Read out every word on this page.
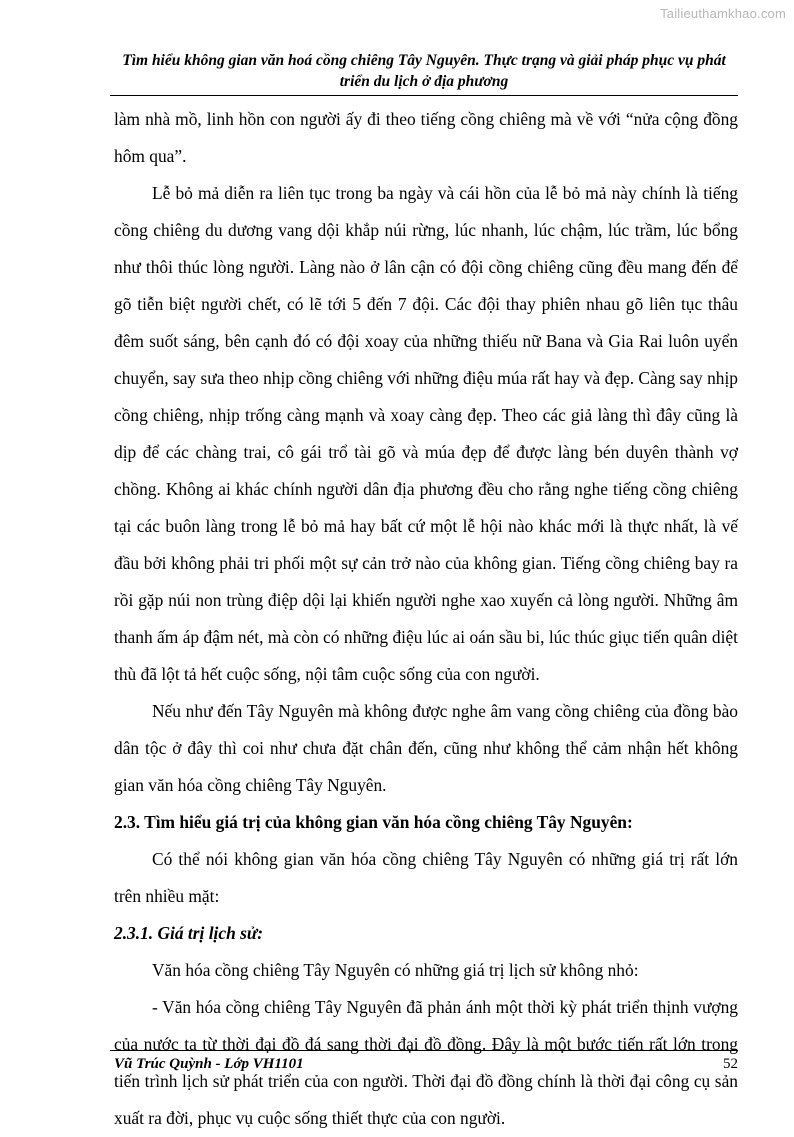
Tailieuthamkhao.com
Tìm hiểu không gian văn hoá cồng chiêng Tây Nguyên. Thực trạng và giải pháp phục vụ phát triển du lịch ở địa phương

làm nhà mồ, linh hồn con người ấy đi theo tiếng cồng chiêng mà về với “nửa cộng đồng hôm qua”.

Lễ bỏ mả diễn ra liên tục trong ba ngày và cái hồn của lễ bỏ mả này chính là tiếng cồng chiêng du dương vang dội khắp núi rừng, lúc nhanh, lúc chậm, lúc trầm, lúc bổng như thôi thúc lòng người. Làng nào ở lân cận có đội cồng chiêng cũng đều mang đến để gõ tiễn biệt người chết, có lẽ tới 5 đến 7 đội. Các đội thay phiên nhau gõ liên tục thâu đêm suốt sáng, bên cạnh đó có đội xoay của những thiếu nữ Bana và Gia Rai luôn uyển chuyển, say sưa theo nhịp cồng chiêng với những điệu múa rất hay và đẹp. Càng say nhịp cồng chiêng, nhịp trống càng mạnh và xoay càng đẹp. Theo các giả làng thì đây cũng là dịp để các chàng trai, cô gái trổ tài gõ và múa đẹp để được làng bén duyên thành vợ chồng. Không ai khác chính người dân địa phương đều cho rằng nghe tiếng cồng chiêng tại các buôn làng trong lễ bỏ mả hay bất cứ một lễ hội nào khác mới là thực nhất, là vế đầu bởi không phải tri phối một sự cản trở nào của không gian. Tiếng cồng chiêng bay ra rồi gặp núi non trùng điệp dội lại khiến người nghe xao xuyến cả lòng người. Những âm thanh ấm áp đậm nét, mà còn có những điệu lúc ai oán sầu bi, lúc thúc giục tiến quân diệt thù đã lột tả hết cuộc sống, nội tâm cuộc sống của con người.

Nếu như đến Tây Nguyên mà không được nghe âm vang cồng chiêng của đồng bào dân tộc ở đây thì coi như chưa đặt chân đến, cũng như không thể cảm nhận hết không gian văn hóa cồng chiêng Tây Nguyên.

2.3. Tìm hiểu giá trị của không gian văn hóa cồng chiêng Tây Nguyên:

Có thể nói không gian văn hóa cồng chiêng Tây Nguyên có những giá trị rất lớn trên nhiều mặt:

2.3.1. Giá trị lịch sử:

Văn hóa cồng chiêng Tây Nguyên có những giá trị lịch sử không nhỏ:

- Văn hóa cồng chiêng Tây Nguyên đã phản ánh một thời kỳ phát triển thịnh vượng của nước ta từ thời đại đồ đá sang thời đại đồ đồng. Đây là một bước tiến rất lớn trong tiến trình lịch sử phát triển của con người. Thời đại đồ đồng chính là thời đại công cụ sản xuất ra đời, phục vụ cuộc sống thiết thực của con người.

Vũ Trúc Quỳnh - Lớp VH1101	52
